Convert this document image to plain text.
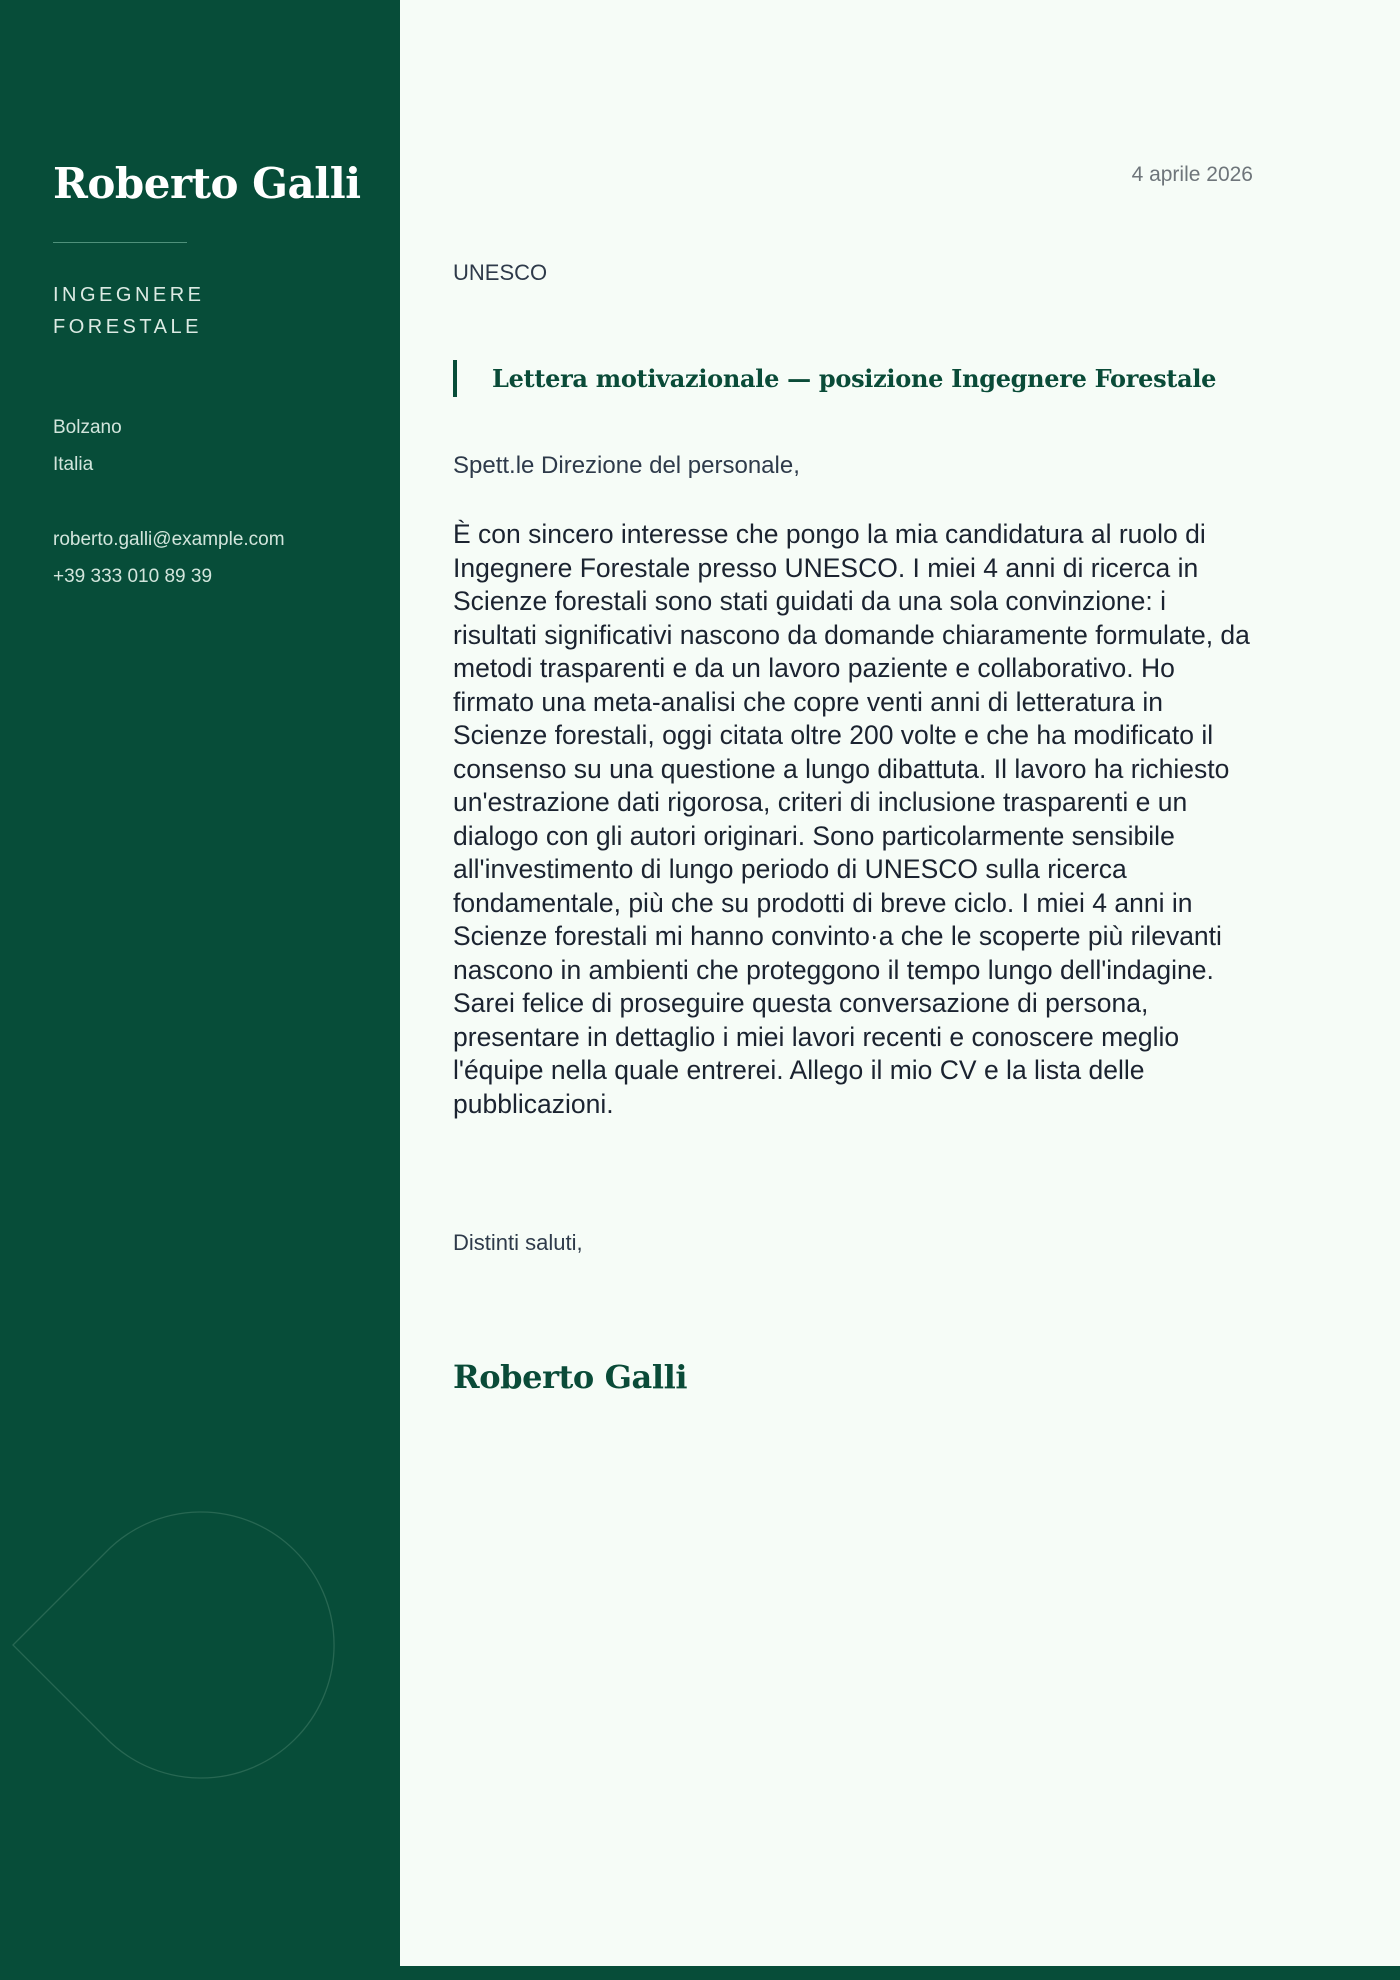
Roberto Galli
INGEGNERE
FORESTALE
Bolzano
Italia
roberto.galli@example.com
+39 333 010 89 39
4 aprile 2026
UNESCO
Lettera motivazionale — posizione Ingegnere Forestale
Spett.le Direzione del personale,
È con sincero interesse che pongo la mia candidatura al ruolo di Ingegnere Forestale presso UNESCO. I miei 4 anni di ricerca in Scienze forestali sono stati guidati da una sola convinzione: i risultati significativi nascono da domande chiaramente formulate, da metodi trasparenti e da un lavoro paziente e collaborativo. Ho firmato una meta-analisi che copre venti anni di letteratura in Scienze forestali, oggi citata oltre 200 volte e che ha modificato il consenso su una questione a lungo dibattuta. Il lavoro ha richiesto un'estrazione dati rigorosa, criteri di inclusione trasparenti e un dialogo con gli autori originari. Sono particolarmente sensibile all'investimento di lungo periodo di UNESCO sulla ricerca fondamentale, più che su prodotti di breve ciclo. I miei 4 anni in Scienze forestali mi hanno convinto·a che le scoperte più rilevanti nascono in ambienti che proteggono il tempo lungo dell'indagine. Sarei felice di proseguire questa conversazione di persona, presentare in dettaglio i miei lavori recenti e conoscere meglio l'équipe nella quale entrerei. Allego il mio CV e la lista delle pubblicazioni.
Distinti saluti,
Roberto Galli
